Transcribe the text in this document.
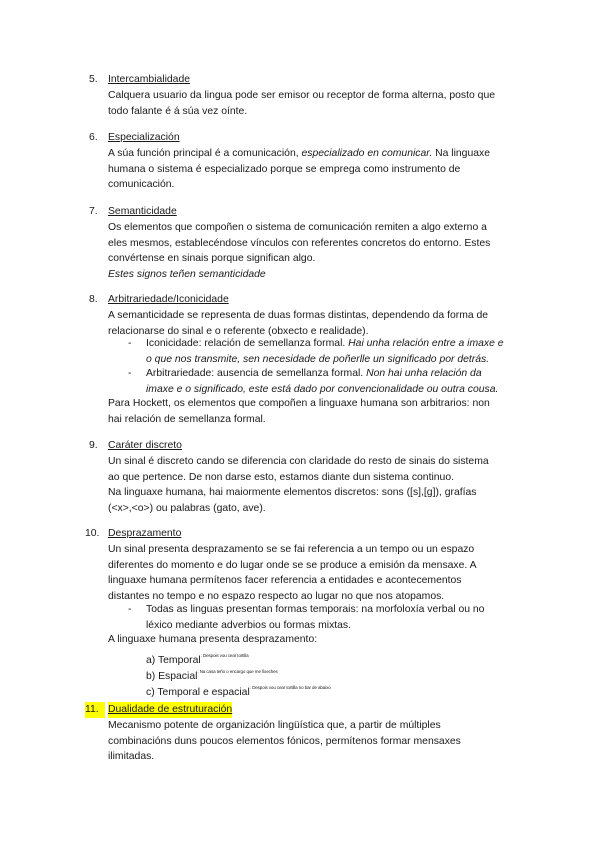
5. Intercambialidade

Calquera usuario da lingua pode ser emisor ou receptor de forma alterna, posto que

todo falante é á súa vez oínte.

6. Especialización

A súa función principal é a comunicación, especializado en comunicar. Na linguaxe

humana o sistema é especializado porque se emprega como instrumento de

comunicación.

7. Semanticidade

Os elementos que compoñen o sistema de comunicación remiten a algo externo a

eles mesmos, establecéndose vínculos con referentes concretos do entorno. Estes

convértense en sinais porque significan algo.

Estes signos teñen semanticidade

8. Arbitrariedade/Iconicidade

A semanticidade se representa de duas formas distintas, dependendo da forma de

relacionarse do sinal e o referente (obxecto e realidade).

- Iconicidade: relación de semellanza formal. Hai unha relación entre a imaxe e

o que nos transmite, sen necesidade de poñerlle un significado por detrás.

- Arbitrariedade: ausencia de semellanza formal. Non hai unha relación da

imaxe e o significado, este está dado por convencionalidade ou outra cousa.

Para Hockett, os elementos que compoñen a linguaxe humana son arbitrarios: non

hai relación de semellanza formal.

9. Caráter discreto

Un sinal é discreto cando se diferencia con claridade do resto de sinais do sistema

ao que pertence. De non darse esto, estamos diante dun sistema continuo.

Na linguaxe humana, hai maiormente elementos discretos: sons ([s],[g]), grafías

(<x>,<o>) ou palabras (gato, ave).

10. Desprazamento

Un sinal presenta desprazamento se se fai referencia a un tempo ou un espazo

diferentes do momento e do lugar onde se se produce a emisión da mensaxe. A

linguaxe humana permítenos facer referencia a entidades e acontecementos

distantes no tempo e no espazo respecto ao lugar no que nos atopamos.

- Todas as linguas presentan formas temporais: na morfoloxía verbal ou no

léxico mediante adverbios ou formas mixtas.

A linguaxe humana presenta desprazamento:

a) Temporal$^{: Despois vou cear tortilla}$
b) Espacial$^{: Na casa teño o encargo que me fixeches}$
c) Temporal e espacial$^{: Despois vou cear tortilla no bar de abaixo}$
11. Dualidade de estruturación

Mecanismo potente de organización lingüística que, a partir de múltiples

combinacións duns poucos elementos fónicos, permítenos formar mensaxes

ilimitadas.
